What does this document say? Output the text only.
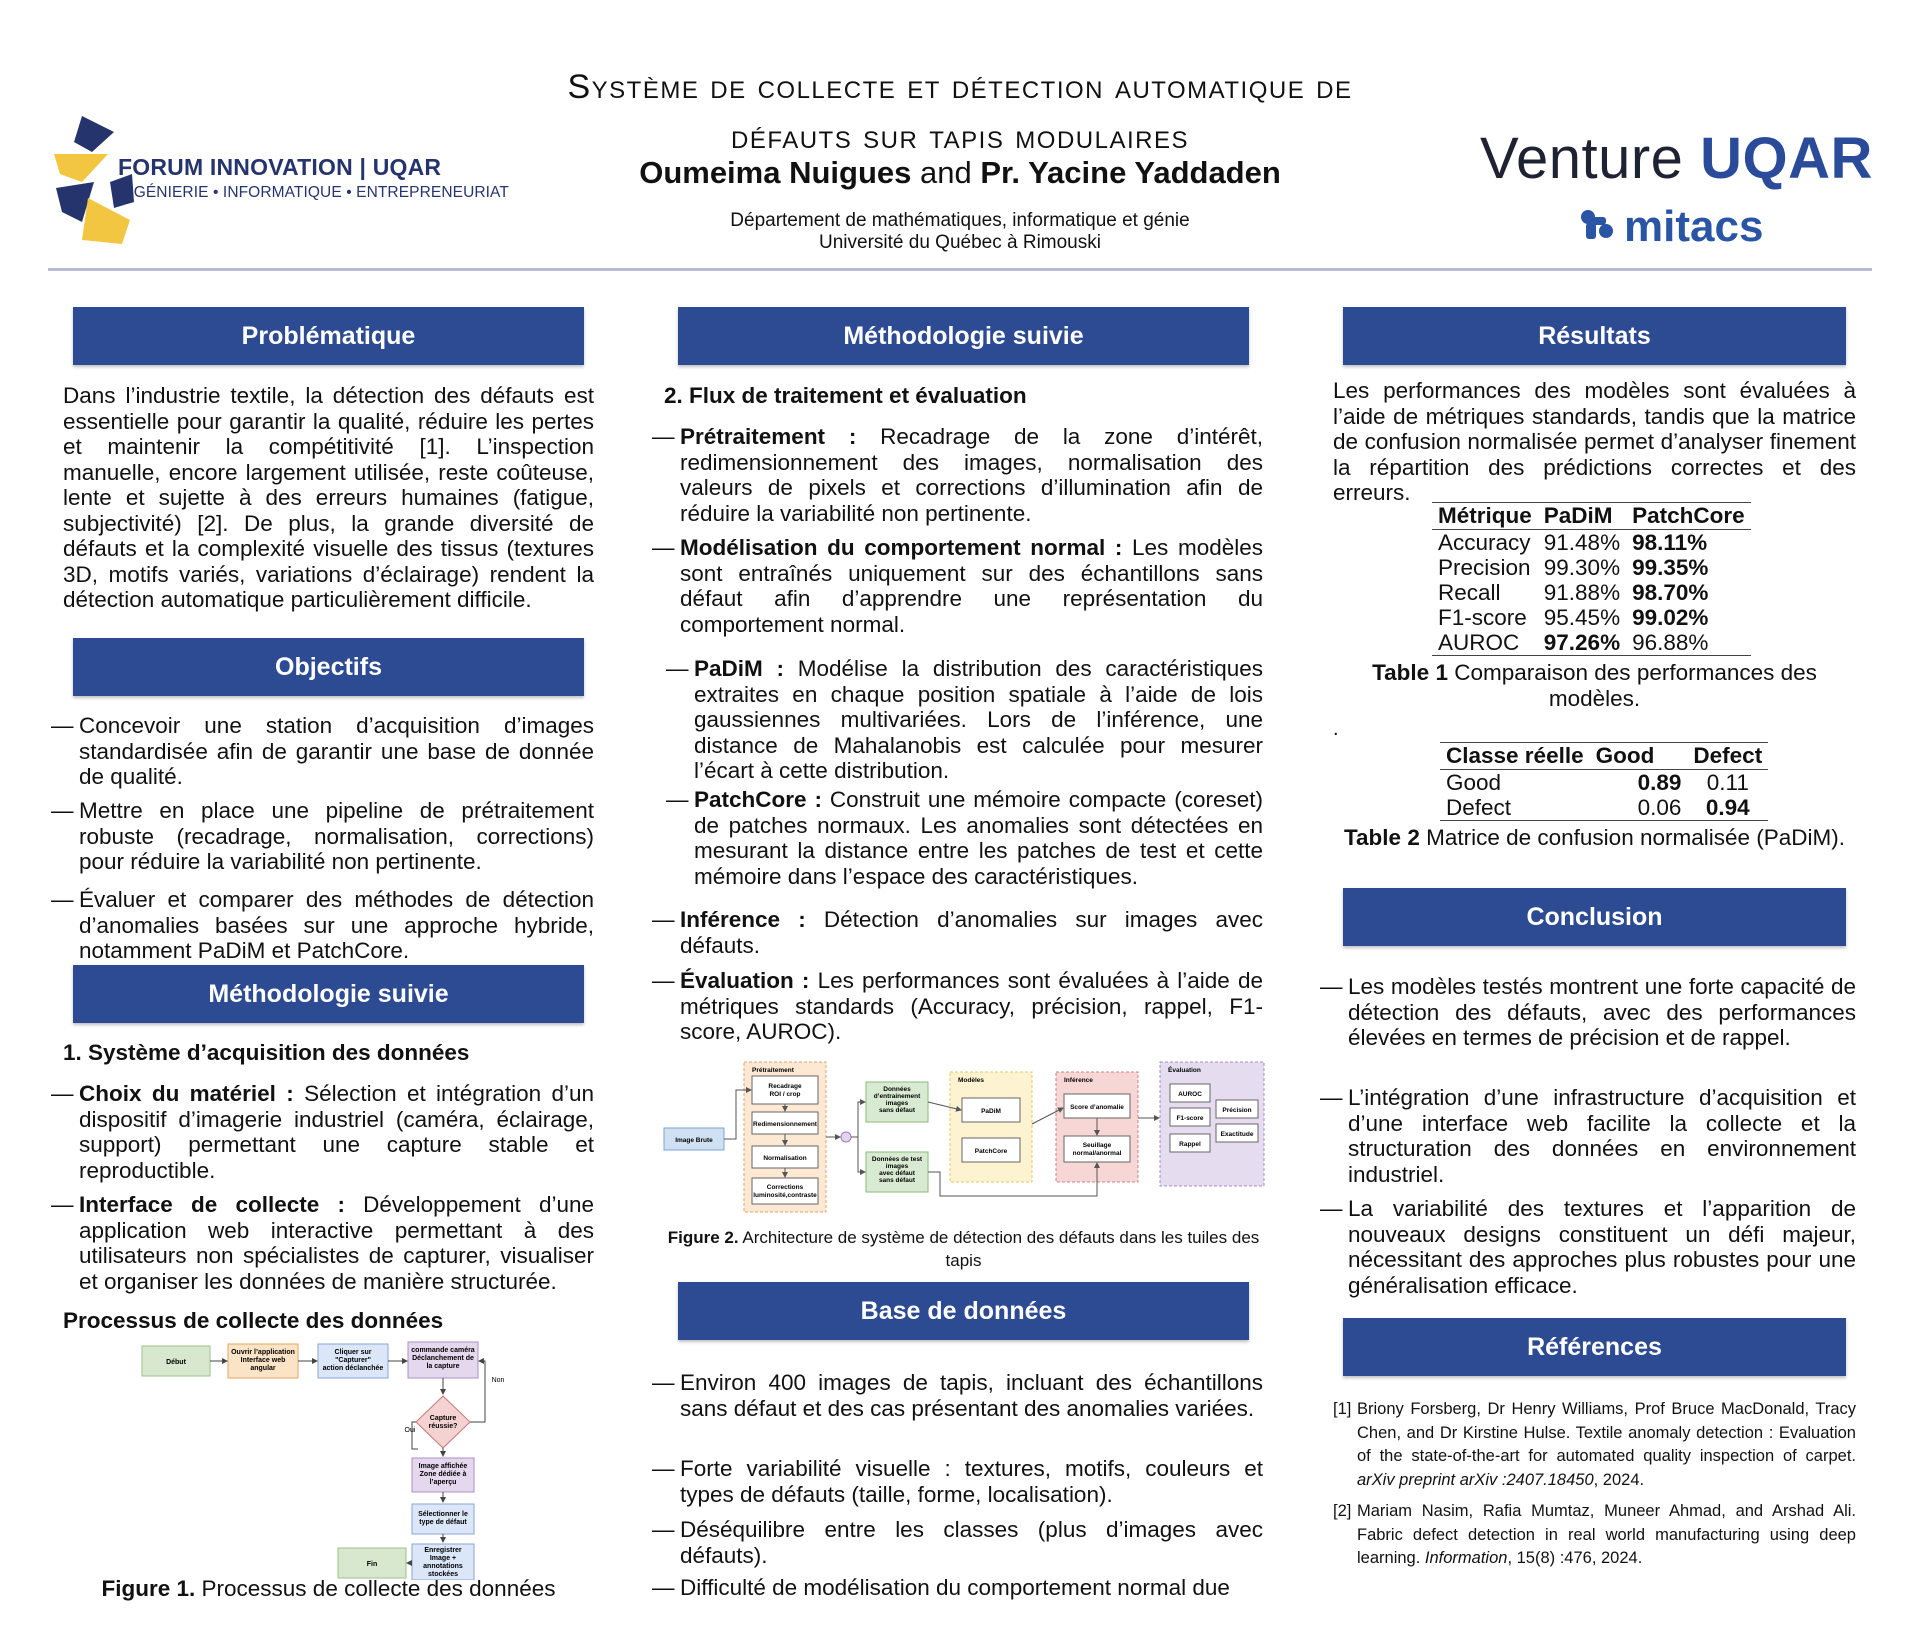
FORUM INNOVATION | UQAR
INGÉNIERIE • INFORMATIQUE • ENTREPRENEURIAT
Système de collecte et détection automatique de
défauts sur tapis modulaires
Oumeima Nuigues and Pr. Yacine Yaddaden
Département de mathématiques, informatique et génie
Université du Québec à Rimouski
Venture UQAR
mitacs
Problématique
Dans l’industrie textile, la détection des défauts est essentielle pour garantir la qualité, réduire les pertes et maintenir la compétitivité [1]. L’inspection manuelle, encore largement utilisée, reste coûteuse, lente et sujette à des erreurs humaines (fatigue, subjectivité) [2]. De plus, la grande diversité de défauts et la complexité visuelle des tissus (textures 3D, motifs variés, variations d’éclairage) rendent la détection automatique particulièrement difficile.
Objectifs
— Concevoir une station d’acquisition d’images standardisée afin de garantir une base de donnée de qualité.
— Mettre en place une pipeline de prétraitement robuste (recadrage, normalisation, corrections) pour réduire la variabilité non pertinente.
— Évaluer et comparer des méthodes de détection d’anomalies basées sur une approche hybride, notamment PaDiM et PatchCore.
Méthodologie suivie
1. Système d’acquisition des données
— Choix du matériel : Sélection et intégration d’un dispositif d’imagerie industriel (caméra, éclairage, support) permettant une capture stable et reproductible.
— Interface de collecte : Développement d’une application web interactive permettant à des utilisateurs non spécialistes de capturer, visualiser et organiser les données de manière structurée.
Processus de collecte des données
Début
Ouvrir l’application Interface web angular
Cliquer sur "Capturer" action déclanchée
commande caméra Déclanchement de la capture
Capture réussie?
Non
Oui
Image affichée Zone dédiée à l’aperçu
Sélectionner le type de défaut
Enregistrer Image + annotations stockées
Fin
Figure 1. Processus de collecte des données
Méthodologie suivie
2. Flux de traitement et évaluation
— Prétraitement : Recadrage de la zone d’intérêt, redimensionnement des images, normalisation des valeurs de pixels et corrections d’illumination afin de réduire la variabilité non pertinente.
— Modélisation du comportement normal : Les modèles sont entraînés uniquement sur des échantillons sans défaut afin d’apprendre une représentation du comportement normal.
— PaDiM : Modélise la distribution des caractéristiques extraites en chaque position spatiale à l’aide de lois gaussiennes multivariées. Lors de l’inférence, une distance de Mahalanobis est calculée pour mesurer l’écart à cette distribution.
— PatchCore : Construit une mémoire compacte (coreset) de patches normaux. Les anomalies sont détectées en mesurant la distance entre les patches de test et cette mémoire dans l’espace des caractéristiques.
— Inférence : Détection d’anomalies sur images avec défauts.
— Évaluation : Les performances sont évaluées à l’aide de métriques standards (Accuracy, précision, rappel, F1-score, AUROC).
Image Brute
Prétraitement
Recadrage ROI / crop
Redimensionnement
Normalisation
Corrections luminosité,contraste
Données d’entrainement images sans défaut
Données de test images avec défaut sans défaut
Modèles
PaDiM
PatchCore
Inférence
Score d’anomalie
Seuillage normal/anormal
Évaluation
AUROC
F1-score
Précision
Exactitude
Rappel
Figure 2. Architecture de système de détection des défauts dans les tuiles des tapis
Base de données
— Environ 400 images de tapis, incluant des échantillons sans défaut et des cas présentant des anomalies variées.
— Forte variabilité visuelle : textures, motifs, couleurs et types de défauts (taille, forme, localisation).
— Déséquilibre entre les classes (plus d’images avec défauts).
— Difficulté de modélisation du comportement normal due
Résultats
Les performances des modèles sont évaluées à l’aide de métriques standards, tandis que la matrice de confusion normalisée permet d’analyser finement la répartition des prédictions correctes et des erreurs.
Métrique	PaDiM	PatchCore
Accuracy	91.48%	98.11%
Precision	99.30%	99.35%
Recall	91.88%	98.70%
F1-score	95.45%	99.02%
AUROC	97.26%	96.88%
Table 1 Comparaison des performances des modèles.
.
Classe réelle	Good	Defect
Good	0.89	0.11
Defect	0.06	0.94
Table 2 Matrice de confusion normalisée (PaDiM).
Conclusion
— Les modèles testés montrent une forte capacité de détection des défauts, avec des performances élevées en termes de précision et de rappel.
— L’intégration d’une infrastructure d’acquisition et d’une interface web facilite la collecte et la structuration des données en environnement industriel.
— La variabilité des textures et l’apparition de nouveaux designs constituent un défi majeur, nécessitant des approches plus robustes pour une généralisation efficace.
Références
[1] Briony Forsberg, Dr Henry Williams, Prof Bruce MacDonald, Tracy Chen, and Dr Kirstine Hulse. Textile anomaly detection : Evaluation of the state-of-the-art for automated quality inspection of carpet. arXiv preprint arXiv :2407.18450, 2024.
[2] Mariam Nasim, Rafia Mumtaz, Muneer Ahmad, and Arshad Ali. Fabric defect detection in real world manufacturing using deep learning. Information, 15(8) :476, 2024.
